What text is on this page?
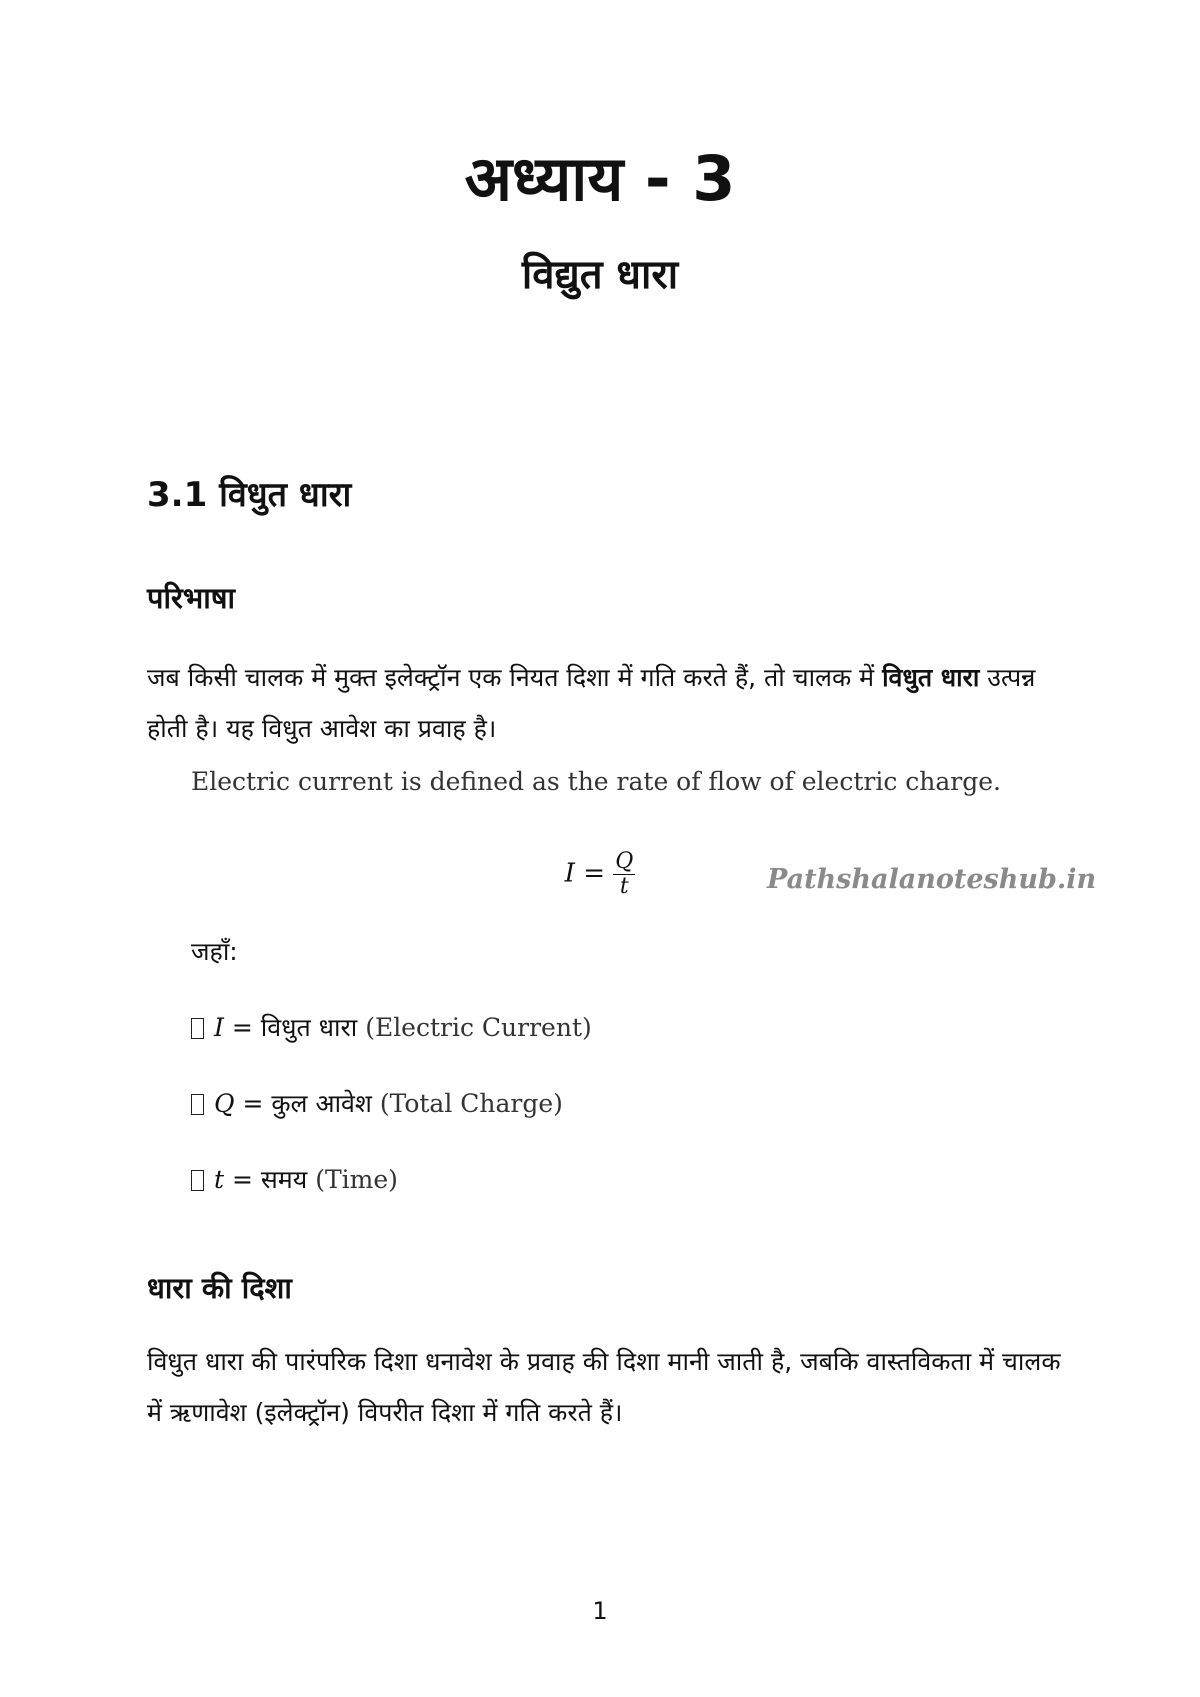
अध्याय - 3
विद्युत धारा
3.1 विधुत धारा
परिभाषा

जब किसी चालक में मुक्त इलेक्ट्रॉन एक नियत दिशा में गति करते हैं, तो चालक में विधुत धारा उत्पन्न होती है। यह विधुत आवेश का प्रवाह है।

Electric current is defined as the rate of flow of electric charge.
$I = \frac{Q}{t}$	Pathshalanoteshub.in
जहाँ:
I = विधुत धारा (Electric Current)
Q = कुल आवेश (Total Charge)
t = समय (Time)
धारा की दिशा

विधुत धारा की पारंपरिक दिशा धनावेश के प्रवाह की दिशा मानी जाती है, जबकि वास्तविकता में चालक में ऋणावेश (इलेक्ट्रॉन) विपरीत दिशा में गति करते हैं।

1
